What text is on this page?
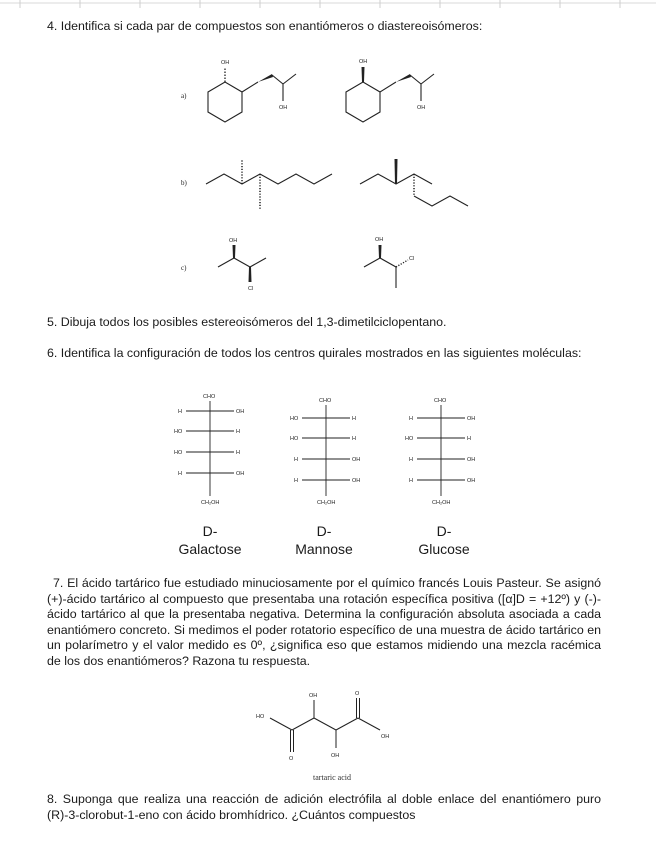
4. Identifica si cada par de compuestos son enantiómeros o diastereoisómeros:

a)
OH
OH
OH
OH
b)
c)
OH
Cl
OH
Cl

5. Dibuja todos los posibles estereoisómeros del 1,3-dimetilciclopentano.

6. Identifica la configuración de todos los centros quirales mostrados en las siguientes moléculas:

CHO
H	OH
HO	H
HO	H
H	OH
CH₂OH
CHO
HO	H
HO	H
H	OH
H	OH
CH₂OH
CHO
H	OH
HO	H
H	OH
H	OH
CH₂OH
D-
Galactose
D-
Mannose
D-
Glucose

7. El ácido tartárico fue estudiado minuciosamente por el químico francés Louis Pasteur. Se asignó (+)-ácido tartárico al compuesto que presentaba una rotación específica positiva ([α]D = +12º) y (-)-ácido tartárico al que la presentaba negativa. Determina la configuración absoluta asociada a cada enantiómero concreto. Si medimos el poder rotatorio específico de una muestra de ácido tartárico en un polarímetro y el valor medido es 0º, ¿significa eso que estamos midiendo una mezcla racémica de los dos enantiómeros? Razona tu respuesta.

HO
O
OH
OH
O
OH
tartaric acid

8. Suponga que realiza una reacción de adición electrófila al doble enlace del enantiómero puro (R)-3-clorobut-1-eno con ácido bromhídrico. ¿Cuántos compuestos
